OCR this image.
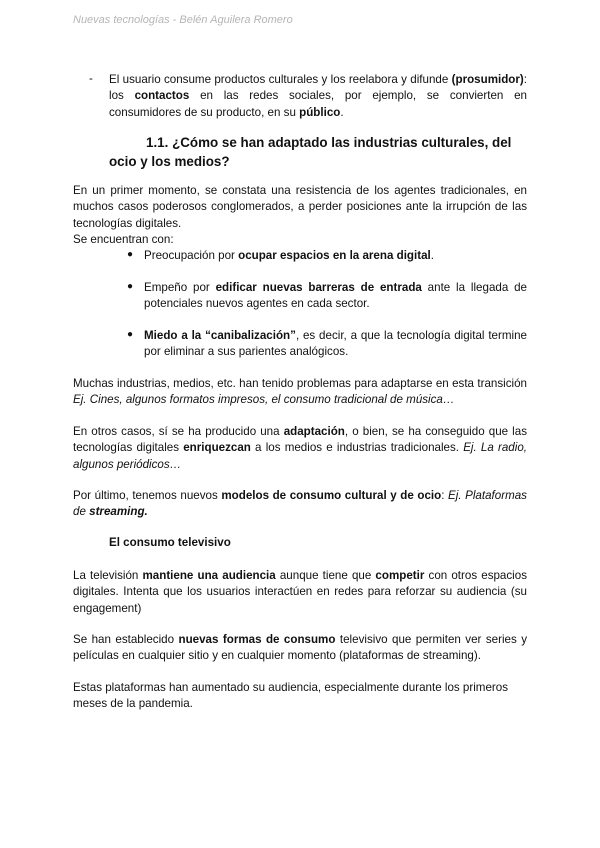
Nuevas tecnologías - Belén Aguilera Romero
- El usuario consume productos culturales y los reelabora y difunde (prosumidor): los contactos en las redes sociales, por ejemplo, se convierten en consumidores de su producto, en su público.

1.1. ¿Cómo se han adaptado las industrias culturales, del ocio y los medios?

En un primer momento, se constata una resistencia de los agentes tradicionales, en muchos casos poderosos conglomerados, a perder posiciones ante la irrupción de las tecnologías digitales.
Se encuentran con:

● Preocupación por ocupar espacios en la arena digital.

● Empeño por edificar nuevas barreras de entrada ante la llegada de potenciales nuevos agentes en cada sector.

● Miedo a la “canibalización”, es decir, a que la tecnología digital termine por eliminar a sus parientes analógicos.

Muchas industrias, medios, etc. han tenido problemas para adaptarse en esta transición Ej. Cines, algunos formatos impresos, el consumo tradicional de música…

En otros casos, sí se ha producido una adaptación, o bien, se ha conseguido que las tecnologías digitales enriquezcan a los medios e industrias tradicionales. Ej. La radio, algunos periódicos…

Por último, tenemos nuevos modelos de consumo cultural y de ocio: Ej. Plataformas de streaming.

El consumo televisivo

La televisión mantiene una audiencia aunque tiene que competir con otros espacios digitales. Intenta que los usuarios interactúen en redes para reforzar su audiencia (su engagement)

Se han establecido nuevas formas de consumo televisivo que permiten ver series y películas en cualquier sitio y en cualquier momento (plataformas de streaming).

Estas plataformas han aumentado su audiencia, especialmente durante los primeros meses de la pandemia.
